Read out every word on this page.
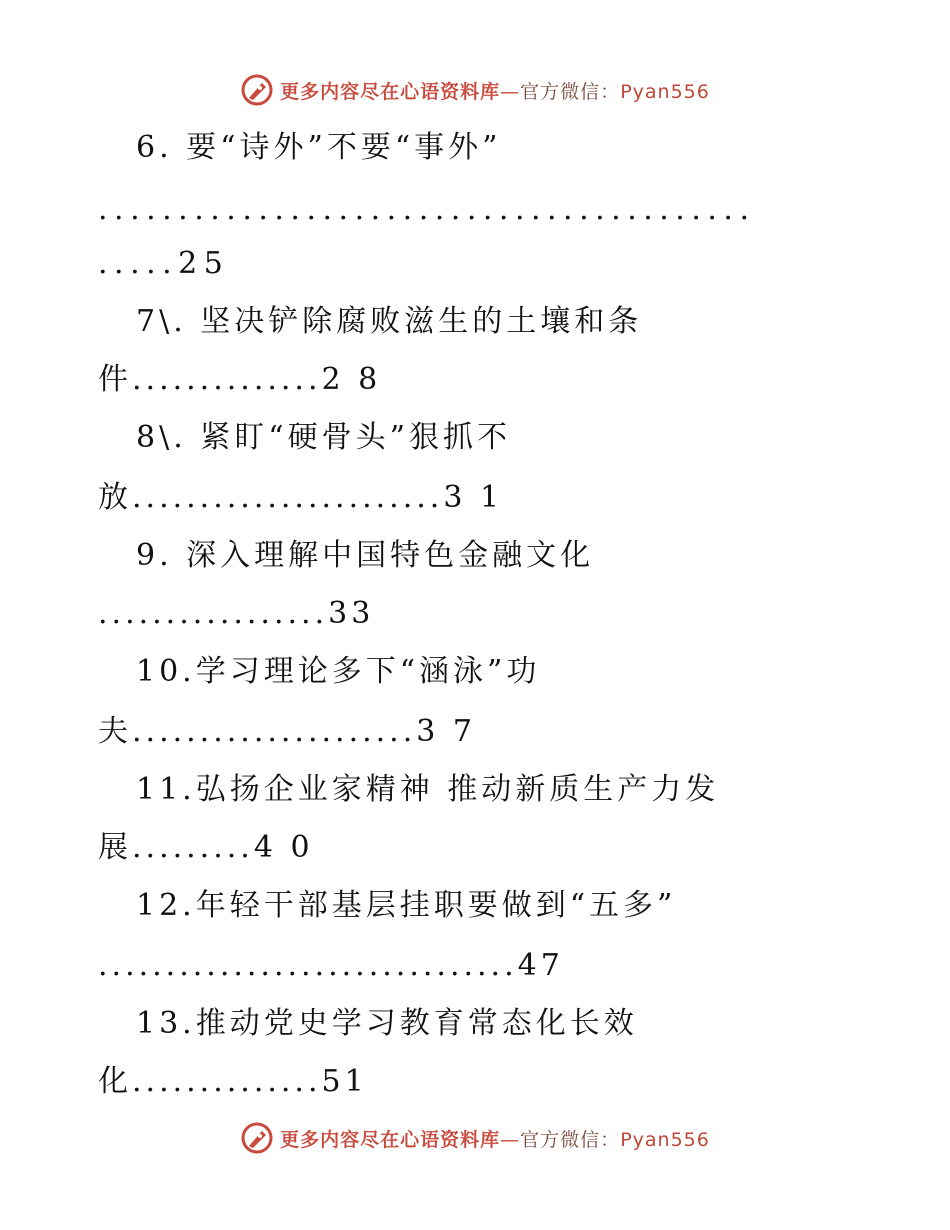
更多内容尽在心语资料库—官方微信：Pyan556
6. 要“诗外”不要“事外”
.........................................
.....25
7\. 坚决铲除腐败滋生的土壤和条
件..............2 8
8\. 紧盯“硬骨头”狠抓不
放.......................3 1
9. 深入理解中国特色金融文化
.................33
10.学习理论多下“涵泳”功
夫.....................3 7
11.弘扬企业家精神 推动新质生产力发
展.........4 0
12.年轻干部基层挂职要做到“五多”
...............................47
13.推动党史学习教育常态化长效
化..............51
更多内容尽在心语资料库—官方微信：Pyan556
